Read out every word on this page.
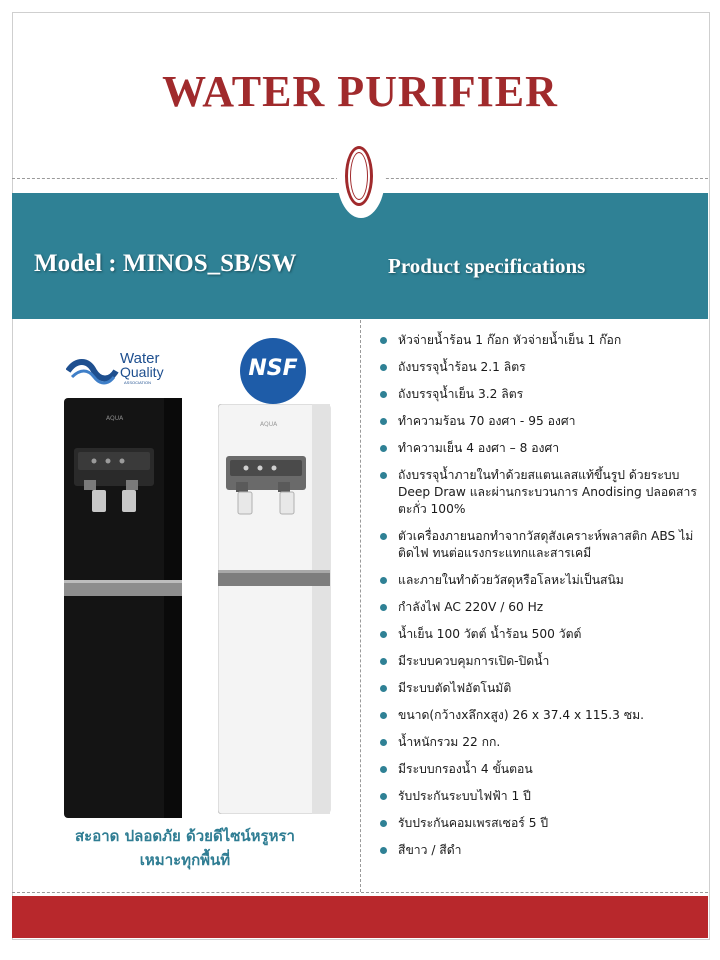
WATER PURIFIER
Model : MINOS_SB/SW	Product specifications
Water
Quality
ASSOCIATION
NSF
AQUA
AQUA
สะอาด ปลอดภัย ด้วยดีไซน์หรูหรา
เหมาะทุกพื้นที่
หัวจ่ายน้ำร้อน 1 ก๊อก หัวจ่ายน้ำเย็น 1 ก๊อก
ถังบรรจุน้ำร้อน 2.1 ลิตร
ถังบรรจุน้ำเย็น 3.2 ลิตร
ทำความร้อน 70 องศา - 95 องศา
ทำความเย็น 4 องศา – 8 องศา
ถังบรรจุน้ำภายในทำด้วยสแตนเลสแท้ขึ้นรูป ด้วยระบบ Deep Draw และผ่านกระบวนการ Anodising ปลอดสารตะกั่ว 100%
ตัวเครื่องภายนอกทำจากวัสดุสังเคราะห์พลาสติก ABS ไม่ติดไฟ ทนต่อแรงกระแทกและสารเคมี
และภายในทำด้วยวัสดุหรือโลหะไม่เป็นสนิม
กำลังไฟ AC 220V / 60 Hz
น้ำเย็น 100 วัตต์ น้ำร้อน 500 วัตต์
มีระบบควบคุมการเปิด-ปิดน้ำ
มีระบบตัดไฟอัตโนมัติ
ขนาด(กว้างxลึกxสูง) 26 x 37.4 x 115.3 ซม.
น้ำหนักรวม 22 กก.
มีระบบกรองน้ำ 4 ขั้นตอน
รับประกันระบบไฟฟ้า 1 ปี
รับประกันคอมเพรสเซอร์ 5 ปี
สีขาว / สีดำ
